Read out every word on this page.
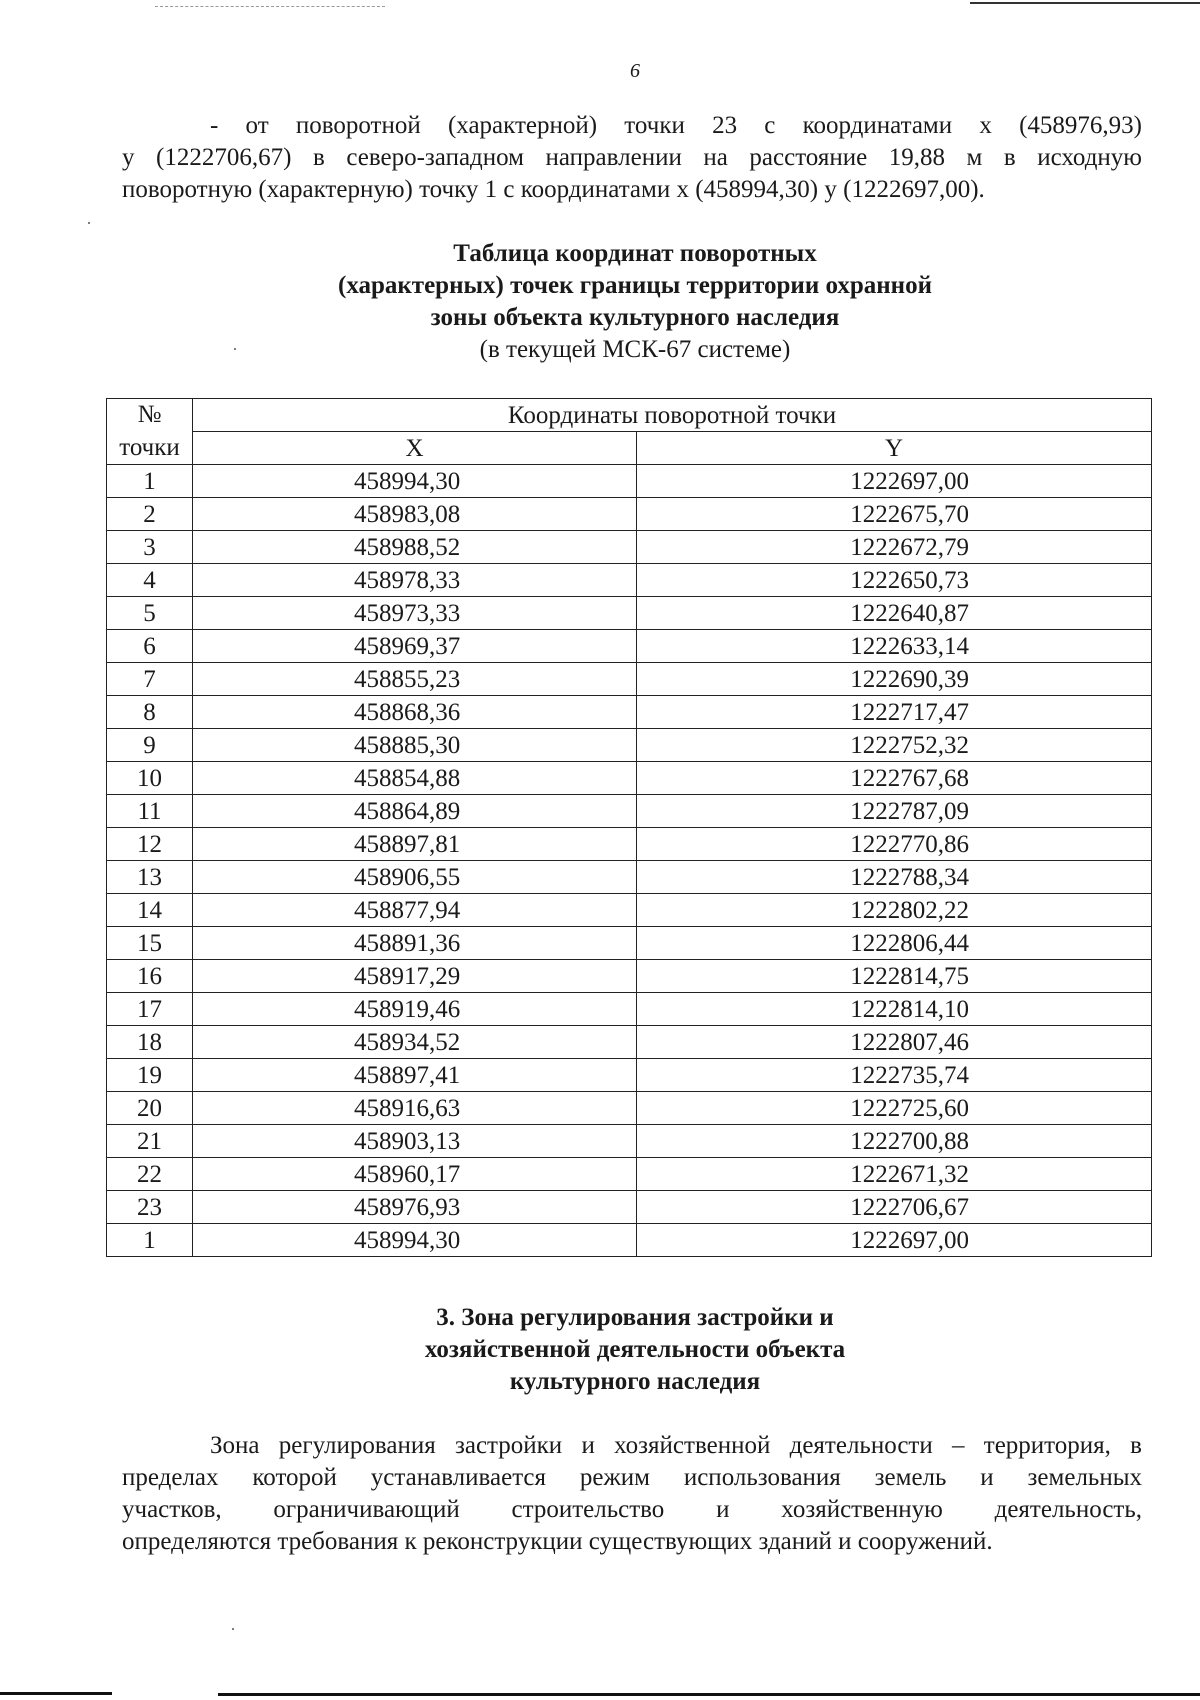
6
- от поворотной (характерной) точки 23 с координатами х (458976,93)
у (1222706,67) в северо-западном направлении на расстояние 19,88 м в исходную
поворотную (характерную) точку 1 с координатами х (458994,30) у (1222697,00).
Таблица координат поворотных
(характерных) точек границы территории охранной
зоны объекта культурного наследия
(в текущей МСК-67 системе)
№	Координаты поворотной точки	
точки	X	Y
1	458994,30	1222697,00
2	458983,08	1222675,70
3	458988,52	1222672,79
4	458978,33	1222650,73
5	458973,33	1222640,87
6	458969,37	1222633,14
7	458855,23	1222690,39
8	458868,36	1222717,47
9	458885,30	1222752,32
10	458854,88	1222767,68
11	458864,89	1222787,09
12	458897,81	1222770,86
13	458906,55	1222788,34
14	458877,94	1222802,22
15	458891,36	1222806,44
16	458917,29	1222814,75
17	458919,46	1222814,10
18	458934,52	1222807,46
19	458897,41	1222735,74
20	458916,63	1222725,60
21	458903,13	1222700,88
22	458960,17	1222671,32
23	458976,93	1222706,67
1	458994,30	1222697,00
3. Зона регулирования застройки и
хозяйственной деятельности объекта
культурного наследия
Зона регулирования застройки и хозяйственной деятельности – территория, в
пределах которой устанавливается режим использования земель и земельных
участков, ограничивающий строительство и хозяйственную деятельность,
определяются требования к реконструкции существующих зданий и сооружений.
